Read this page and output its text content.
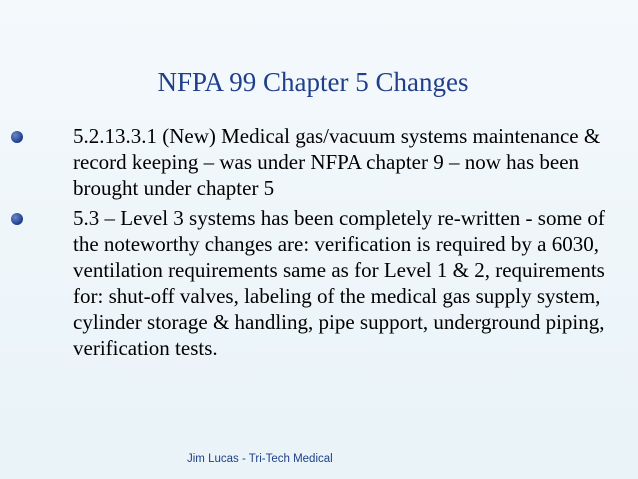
NFPA 99 Chapter 5 Changes
5.2.13.3.1 (New) Medical gas/vacuum systems maintenance & record keeping – was under NFPA chapter 9 – now has been brought under chapter 5
5.3 – Level 3 systems has been completely re-written - some of the noteworthy changes are: verification is required by a 6030, ventilation requirements same as for Level 1 & 2, requirements for: shut-off valves, labeling of the medical gas supply system, cylinder storage & handling, pipe support, underground piping, verification tests.
Jim Lucas - Tri-Tech Medical
